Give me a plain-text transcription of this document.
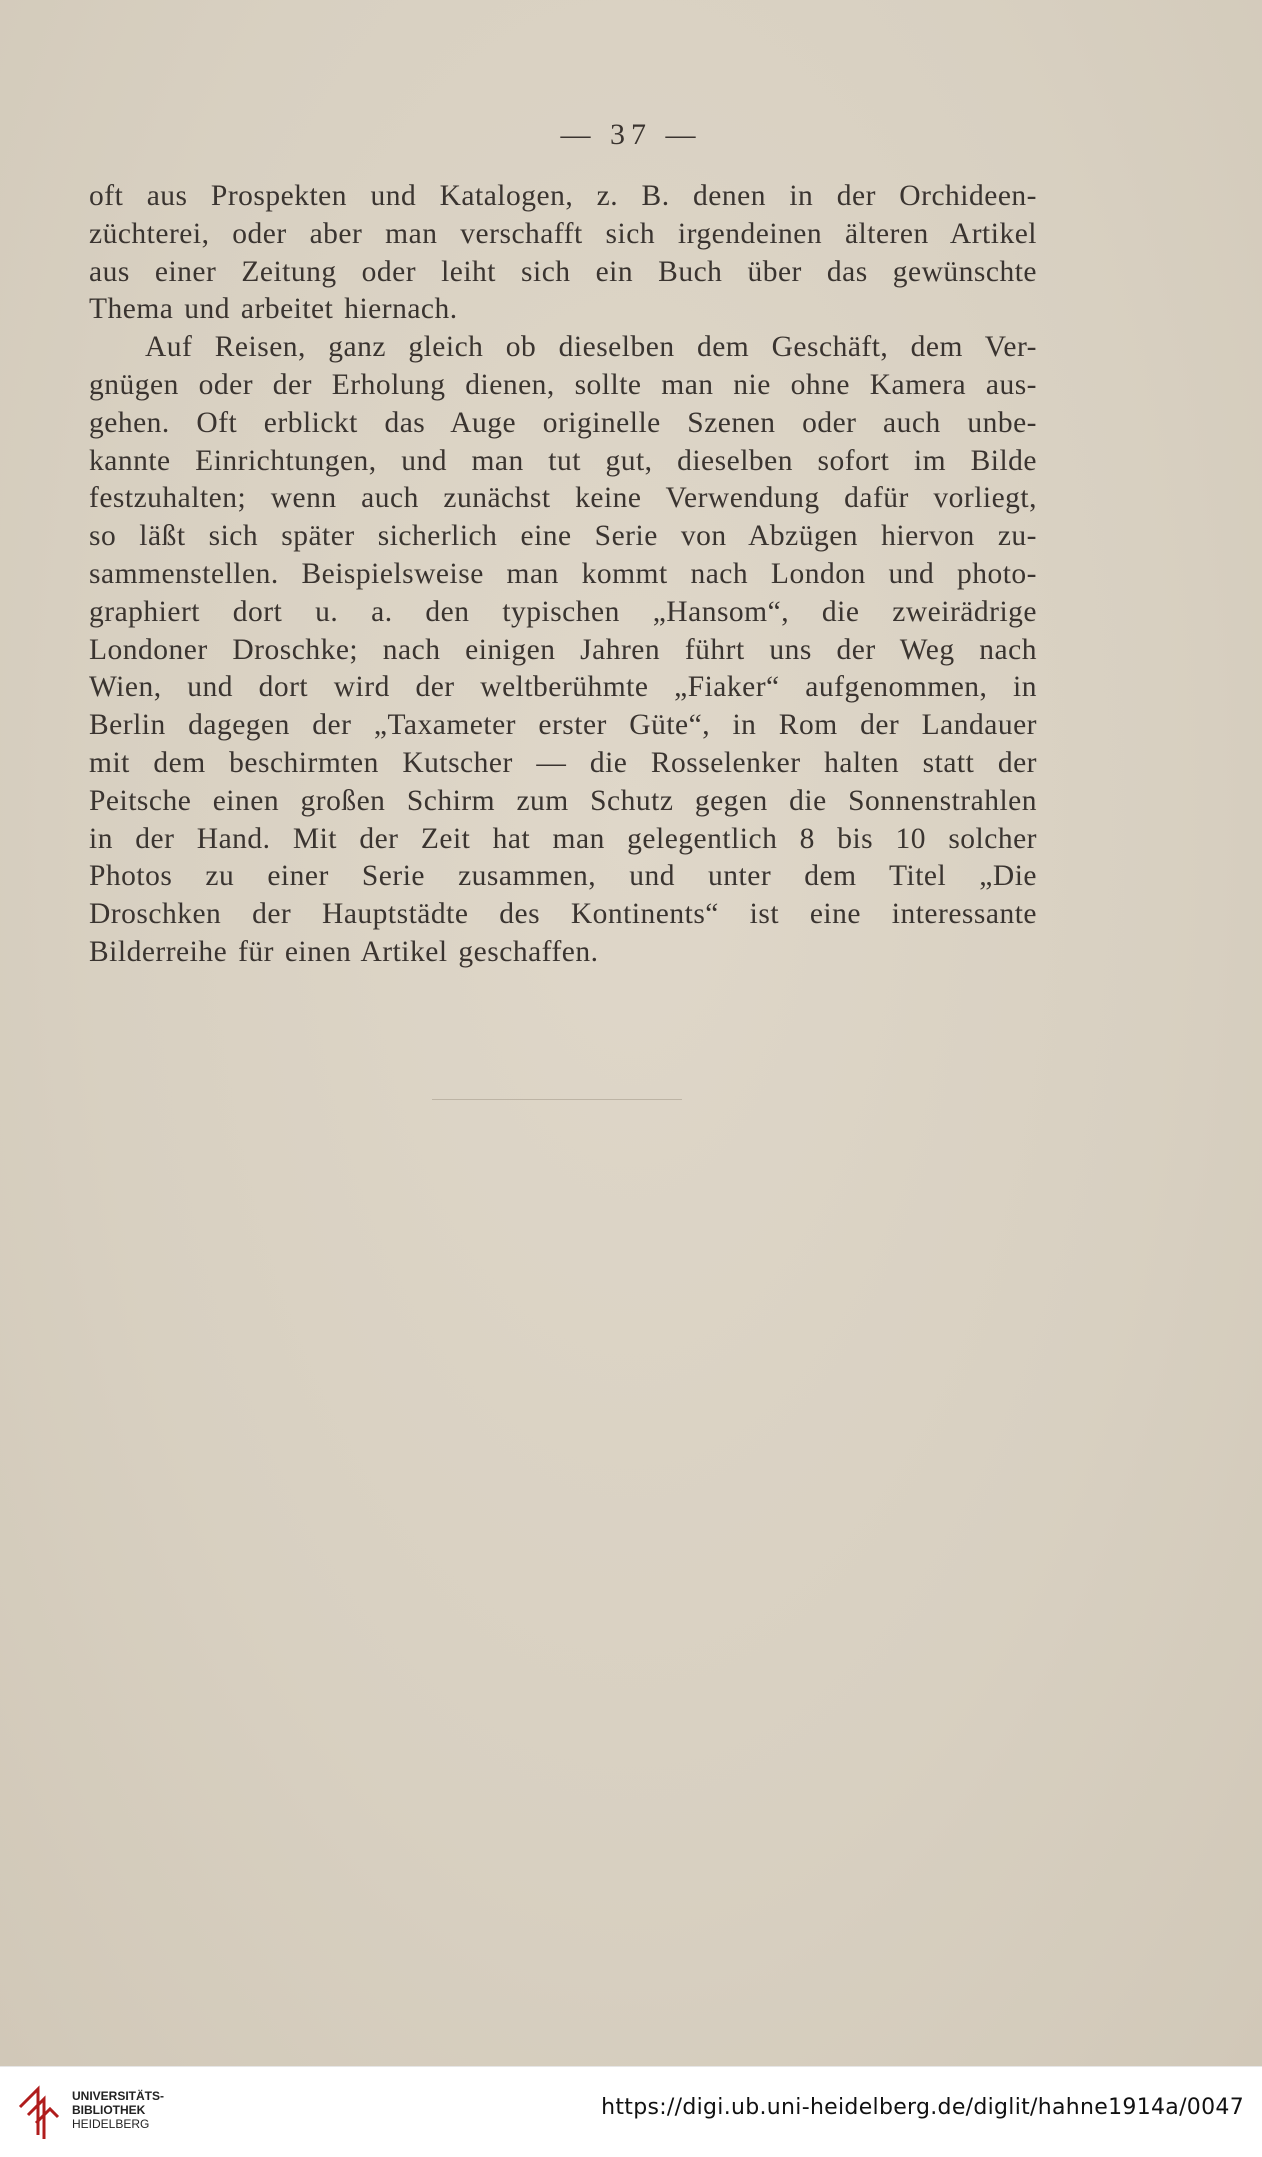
— 37 —
oft aus Prospekten und Katalogen, z. B. denen in der Orchideen-
züchterei, oder aber man verschafft sich irgendeinen älteren Artikel
aus einer Zeitung oder leiht sich ein Buch über das gewünschte
Thema und arbeitet hiernach.
Auf Reisen, ganz gleich ob dieselben dem Geschäft, dem Ver-
gnügen oder der Erholung dienen, sollte man nie ohne Kamera aus-
gehen. Oft erblickt das Auge originelle Szenen oder auch unbe-
kannte Einrichtungen, und man tut gut, dieselben sofort im Bilde
festzuhalten; wenn auch zunächst keine Verwendung dafür vorliegt,
so läßt sich später sicherlich eine Serie von Abzügen hiervon zu-
sammenstellen. Beispielsweise man kommt nach London und photo-
graphiert dort u. a. den typischen „Hansom“, die zweirädrige
Londoner Droschke; nach einigen Jahren führt uns der Weg nach
Wien, und dort wird der weltberühmte „Fiaker“ aufgenommen, in
Berlin dagegen der „Taxameter erster Güte“, in Rom der Landauer
mit dem beschirmten Kutscher — die Rosselenker halten statt der
Peitsche einen großen Schirm zum Schutz gegen die Sonnenstrahlen
in der Hand. Mit der Zeit hat man gelegentlich 8 bis 10 solcher
Photos zu einer Serie zusammen, und unter dem Titel „Die
Droschken der Hauptstädte des Kontinents“ ist eine interessante
Bilderreihe für einen Artikel geschaffen.
UNIVERSITÄTS-
BIBLIOTHEK
HEIDELBERG
https://digi.ub.uni-heidelberg.de/diglit/hahne1914a/0047
